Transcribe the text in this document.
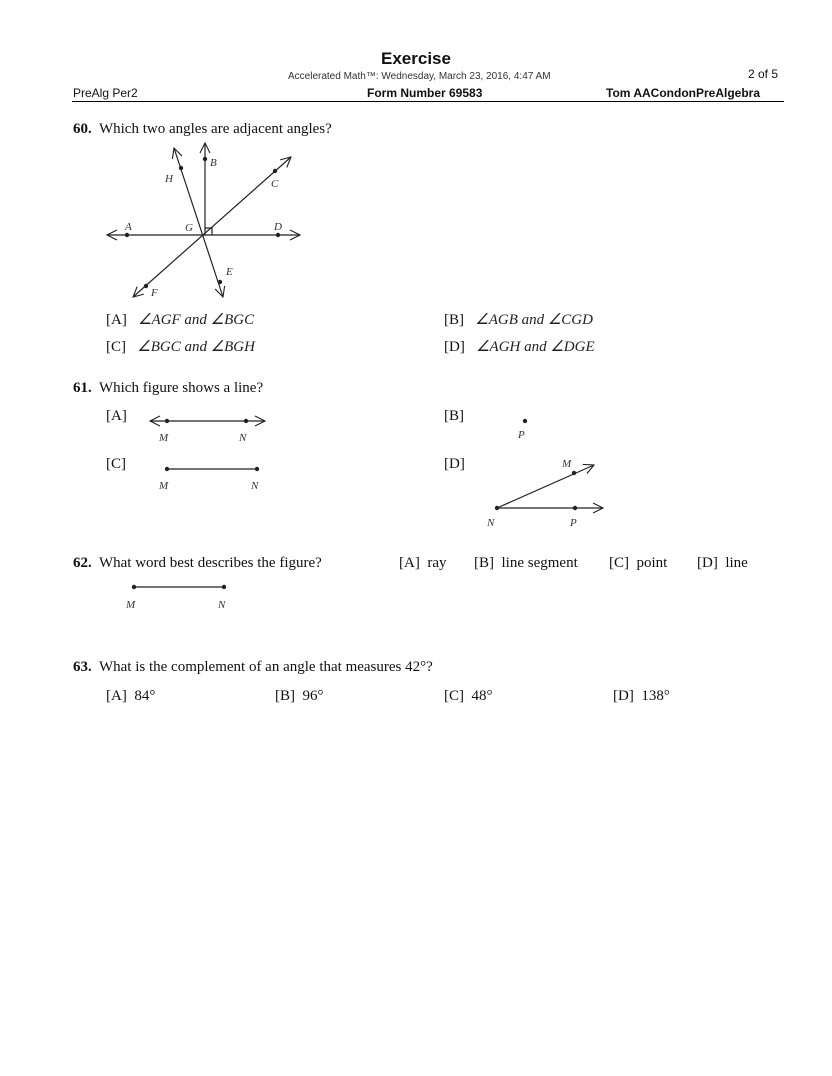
Exercise
Accelerated Math™: Wednesday, March 23, 2016, 4:47 AM	2 of 5
PreAlg Per2	Form Number 69583	Tom AACondonPreAlgebra
60. Which two angles are adjacent angles?
A
B
C
D
E
F
G
H
M	N	P
M	N
M
N	P
M	N
[A] ∠AGF and ∠BGC	[B] ∠AGB and ∠CGD
[C] ∠BGC and ∠BGH	[D] ∠AGH and ∠DGE
61. Which figure shows a line?
[A]	[B]
[C]	[D]
62. What word best describes the figure?	[A] ray [B] line segment [C] point [D] line
63. What is the complement of an angle that measures 42°?
[A] 84°	[B] 96°	[C] 48°	[D] 138°
